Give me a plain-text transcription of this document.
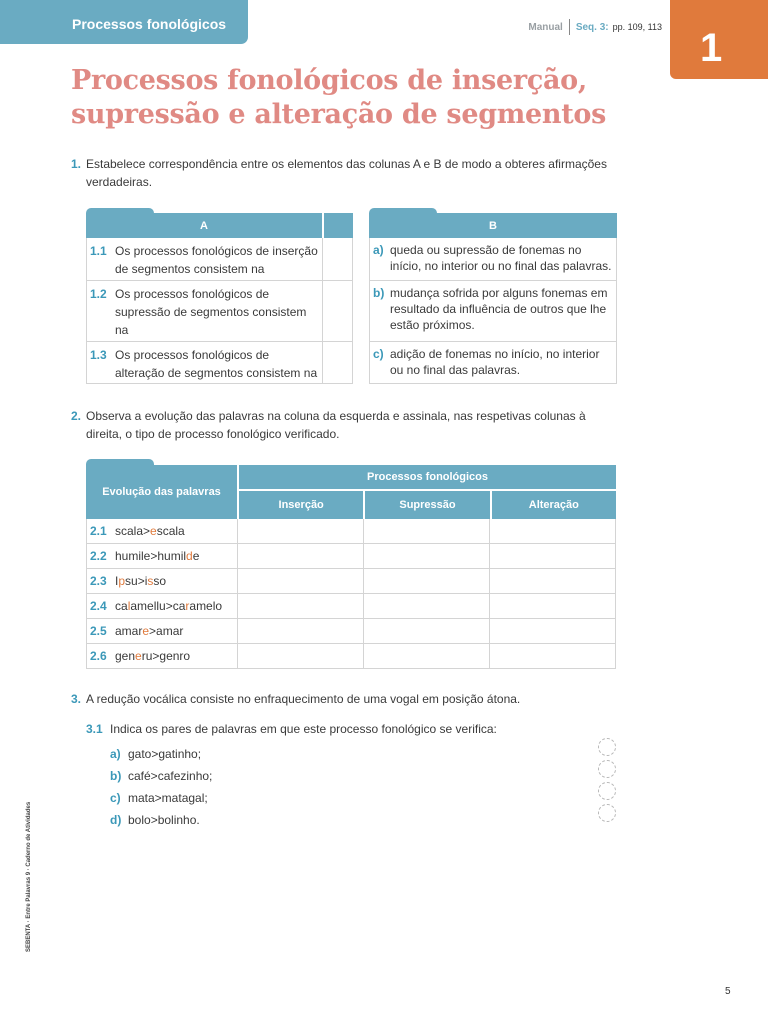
Processos fonológicos	Manual Seq. 3: pp. 109, 113 1
Processos fonológicos de inserção, supressão e alteração de segmentos
1. Estabelece correspondência entre os elementos das colunas A e B de modo a obteres afirmações verdadeiras.
A
1.1 Os processos fonológicos de inserção de segmentos consistem na
1.2 Os processos fonológicos de supressão de segmentos consistem na
1.3 Os processos fonológicos de alteração de segmentos consistem na
B
a) queda ou supressão de fonemas no início, no interior ou no final das palavras.
b) mudança sofrida por alguns fonemas em resultado da influência de outros que lhe estão próximos.
c) adição de fonemas no início, no interior ou no final das palavras.
2. Observa a evolução das palavras na coluna da esquerda e assinala, nas respetivas colunas à direita, o tipo de processo fonológico verificado.
Evolução das palavras
Processos fonológicos
Inserção	Supressão	Alteração
2.1 scala>escala
2.2 humile>humilde
2.3 Ipsu>isso
2.4 calamellu>caramelo
2.5 amare>amar
2.6 generu>genro
3. A redução vocálica consiste no enfraquecimento de uma vogal em posição átona.
3.1 Indica os pares de palavras em que este processo fonológico se verifica:
a) gato>gatinho;
b) café>cafezinho;
c) mata>matagal;
d) bolo>bolinho.
SEBENTA · Entre Palavras 9 · Caderno de Atividades
5
